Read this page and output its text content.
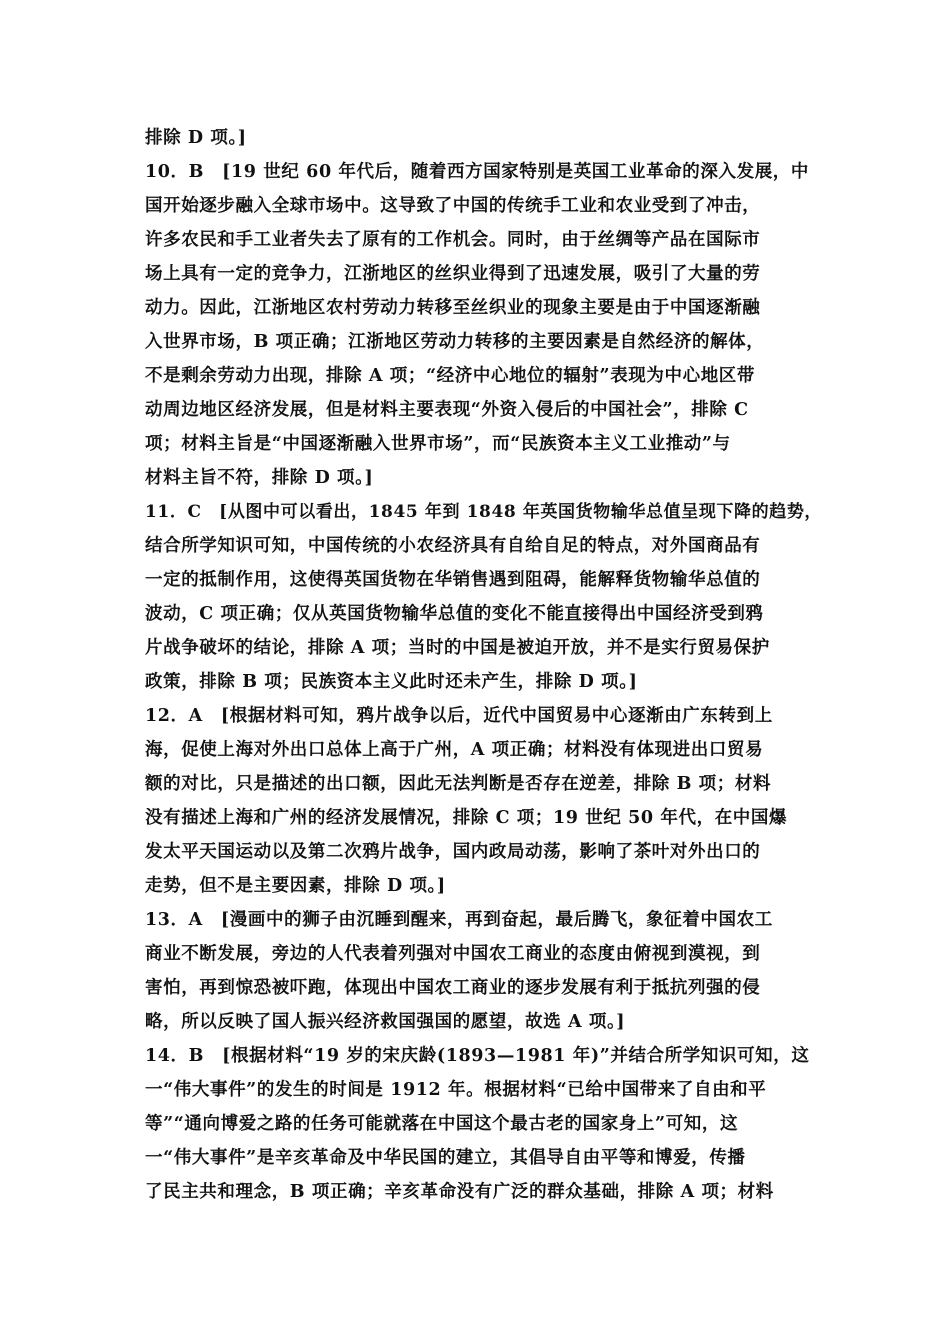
排除 D 项。]
10．B　[19 世纪 60 年代后，随着西方国家特别是英国工业革命的深入发展，中
国开始逐步融入全球市场中。这导致了中国的传统手工业和农业受到了冲击，
许多农民和手工业者失去了原有的工作机会。同时，由于丝绸等产品在国际市
场上具有一定的竞争力，江浙地区的丝织业得到了迅速发展，吸引了大量的劳
动力。因此，江浙地区农村劳动力转移至丝织业的现象主要是由于中国逐渐融
入世界市场，B 项正确；江浙地区劳动力转移的主要因素是自然经济的解体，
不是剩余劳动力出现，排除 A 项；“经济中心地位的辐射”表现为中心地区带
动周边地区经济发展，但是材料主要表现“外资入侵后的中国社会”，排除 C
项；材料主旨是“中国逐渐融入世界市场”，而“民族资本主义工业推动”与
材料主旨不符，排除 D 项。]
11．C　[从图中可以看出，1845 年到 1848 年英国货物输华总值呈现下降的趋势，
结合所学知识可知，中国传统的小农经济具有自给自足的特点，对外国商品有
一定的抵制作用，这使得英国货物在华销售遇到阻碍，能解释货物输华总值的
波动，C 项正确；仅从英国货物输华总值的变化不能直接得出中国经济受到鸦
片战争破坏的结论，排除 A 项；当时的中国是被迫开放，并不是实行贸易保护
政策，排除 B 项；民族资本主义此时还未产生，排除 D 项。]
12．A　[根据材料可知，鸦片战争以后，近代中国贸易中心逐渐由广东转到上
海，促使上海对外出口总体上高于广州，A 项正确；材料没有体现进出口贸易
额的对比，只是描述的出口额，因此无法判断是否存在逆差，排除 B 项；材料
没有描述上海和广州的经济发展情况，排除 C 项；19 世纪 50 年代，在中国爆
发太平天国运动以及第二次鸦片战争，国内政局动荡，影响了茶叶对外出口的
走势，但不是主要因素，排除 D 项。]
13．A　[漫画中的狮子由沉睡到醒来，再到奋起，最后腾飞，象征着中国农工
商业不断发展，旁边的人代表着列强对中国农工商业的态度由俯视到漠视，到
害怕，再到惊恐被吓跑，体现出中国农工商业的逐步发展有利于抵抗列强的侵
略，所以反映了国人振兴经济救国强国的愿望，故选 A 项。]
14．B　[根据材料“19 岁的宋庆龄(1893—1981 年)”并结合所学知识可知，这
一“伟大事件”的发生的时间是 1912 年。根据材料“已给中国带来了自由和平
等”“通向博爱之路的任务可能就落在中国这个最古老的国家身上”可知，这
一“伟大事件”是辛亥革命及中华民国的建立，其倡导自由平等和博爱，传播
了民主共和理念，B 项正确；辛亥革命没有广泛的群众基础，排除 A 项；材料
